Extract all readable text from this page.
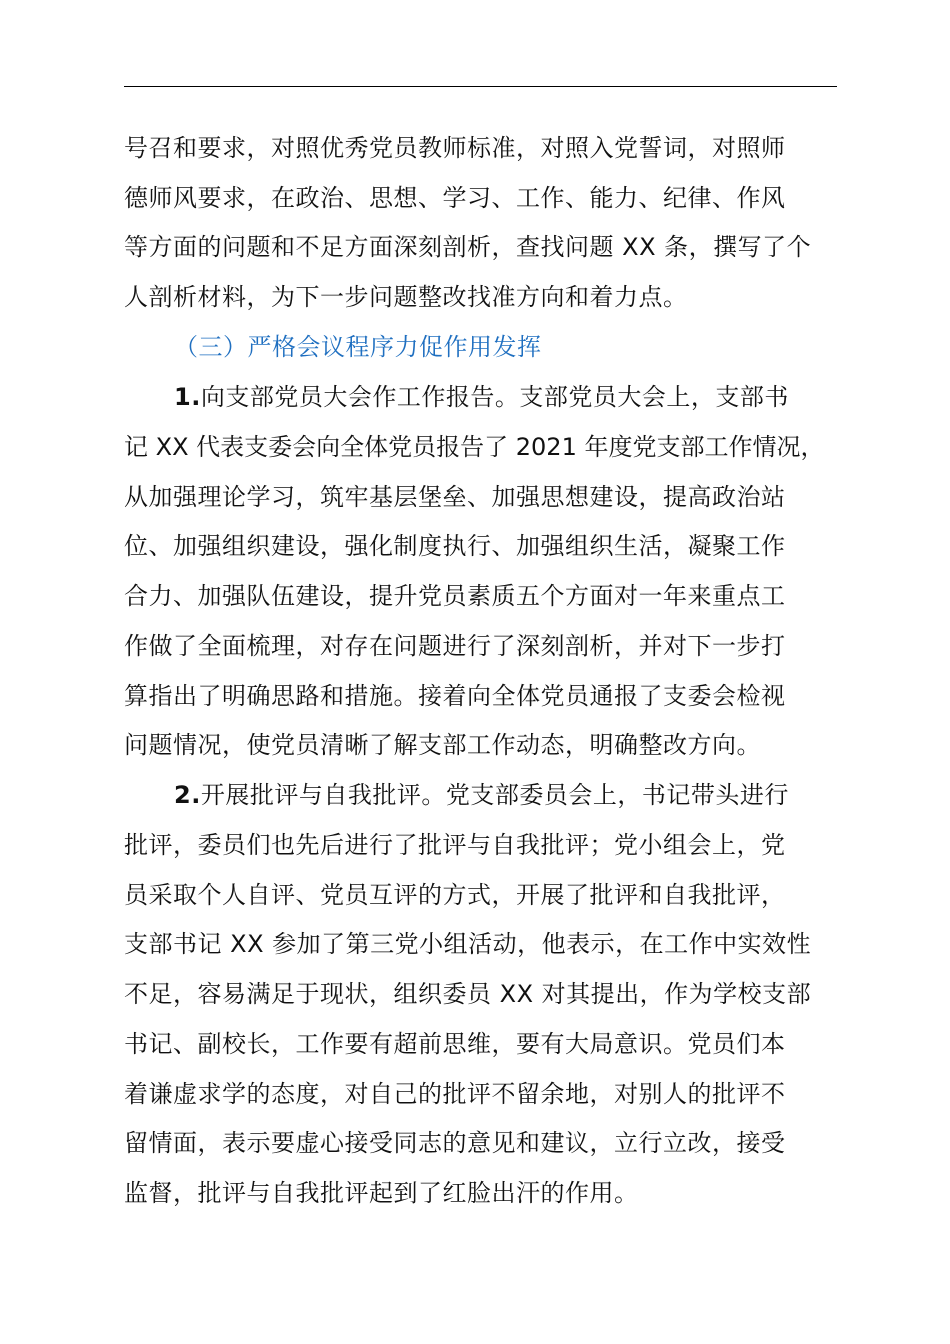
号召和要求，对照优秀党员教师标准，对照入党誓词，对照师
德师风要求，在政治、思想、学习、工作、能力、纪律、作风
等方面的问题和不足方面深刻剖析，查找问题 XX 条，撰写了个
人剖析材料，为下一步问题整改找准方向和着力点。
（三）严格会议程序力促作用发挥
1.向支部党员大会作工作报告。支部党员大会上，支部书
记 XX 代表支委会向全体党员报告了 2021 年度党支部工作情况，
从加强理论学习，筑牢基层堡垒、加强思想建设，提高政治站
位、加强组织建设，强化制度执行、加强组织生活，凝聚工作
合力、加强队伍建设，提升党员素质五个方面对一年来重点工
作做了全面梳理，对存在问题进行了深刻剖析，并对下一步打
算指出了明确思路和措施。接着向全体党员通报了支委会检视
问题情况，使党员清晰了解支部工作动态，明确整改方向。
2.开展批评与自我批评。党支部委员会上，书记带头进行
批评，委员们也先后进行了批评与自我批评；党小组会上，党
员采取个人自评、党员互评的方式，开展了批评和自我批评，
支部书记 XX 参加了第三党小组活动，他表示，在工作中实效性
不足，容易满足于现状，组织委员 XX 对其提出，作为学校支部
书记、副校长，工作要有超前思维，要有大局意识。党员们本
着谦虚求学的态度，对自己的批评不留余地，对别人的批评不
留情面，表示要虚心接受同志的意见和建议，立行立改，接受
监督，批评与自我批评起到了红脸出汗的作用。
